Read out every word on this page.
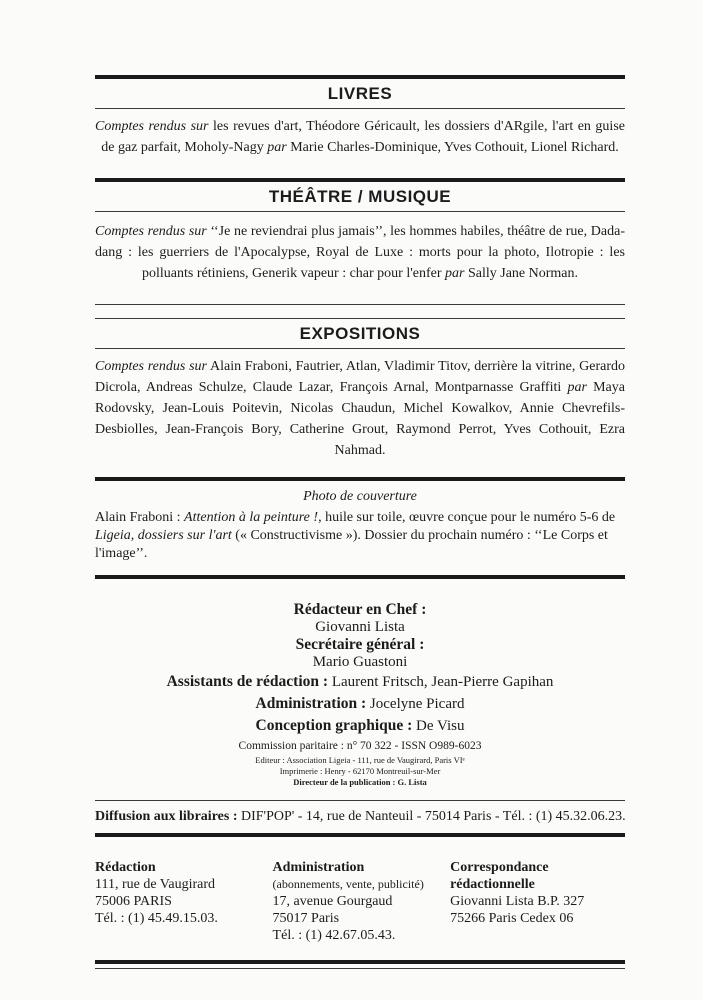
LIVRES
Comptes rendus sur les revues d'art, Théodore Géricault, les dossiers d'ARgile, l'art en guise de gaz parfait, Moholy-Nagy par Marie Charles-Dominique, Yves Cothouit, Lionel Richard.
THÉÂTRE / MUSIQUE
Comptes rendus sur ‘‘Je ne reviendrai plus jamais’’, les hommes habiles, théâtre de rue, Dada-dang : les guerriers de l'Apocalypse, Royal de Luxe : morts pour la photo, Ilotropie : les polluants rétiniens, Generik vapeur : char pour l'enfer par Sally Jane Norman.
EXPOSITIONS
Comptes rendus sur Alain Fraboni, Fautrier, Atlan, Vladimir Titov, derrière la vitrine, Gerardo Dicrola, Andreas Schulze, Claude Lazar, François Arnal, Montparnasse Graffiti par Maya Rodovsky, Jean-Louis Poitevin, Nicolas Chaudun, Michel Kowalkov, Annie Chevrefils-Desbiolles, Jean-François Bory, Catherine Grout, Raymond Perrot, Yves Cothouit, Ezra Nahmad.
Photo de couverture
Alain Fraboni : Attention à la peinture !, huile sur toile, œuvre conçue pour le numéro 5-6 de Ligeia, dossiers sur l'art (« Constructivisme »). Dossier du prochain numéro : ‘‘Le Corps et l'image’’.
Rédacteur en Chef :
Giovanni Lista
Secrétaire général :
Mario Guastoni
Assistants de rédaction : Laurent Fritsch, Jean-Pierre Gapihan
Administration : Jocelyne Picard
Conception graphique : De Visu
Commission paritaire : n° 70 322 - ISSN O989-6023
Editeur : Association Ligeia - 111, rue de Vaugirard, Paris VIᵉ
Imprimerie : Henry - 62170 Montreuil-sur-Mer
Directeur de la publication : G. Lista
Diffusion aux libraires : DIF'POP' - 14, rue de Nanteuil - 75014 Paris - Tél. : (1) 45.32.06.23.
Rédaction
111, rue de Vaugirard
75006 PARIS
Tél. : (1) 45.49.15.03.
Administration
(abonnements, vente, publicité)
17, avenue Gourgaud
75017 Paris
Tél. : (1) 42.67.05.43.
Correspondance
rédactionnelle
Giovanni Lista B.P. 327
75266 Paris Cedex 06
